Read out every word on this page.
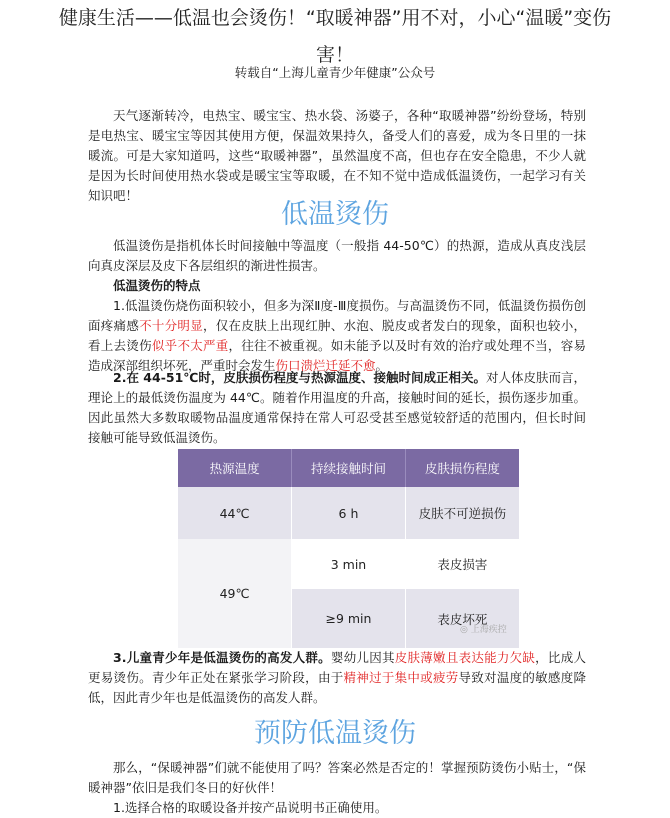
健康生活——低温也会烫伤！“取暖神器”用不对，小心“温暖”变伤害！
转载自“上海儿童青少年健康”公众号

天气逐渐转冷，电热宝、暖宝宝、热水袋、汤婆子，各种“取暖神器”纷纷登场，特别是电热宝、暖宝宝等因其使用方便，保温效果持久，备受人们的喜爱，成为冬日里的一抹暖流。可是大家知道吗，这些“取暖神器”，虽然温度不高，但也存在安全隐患，不少人就是因为长时间使用热水袋或是暖宝宝等取暖，在不知不觉中造成低温烫伤，一起学习有关知识吧！

低温烫伤

低温烫伤是指机体长时间接触中等温度（一般指 44-50℃）的热源，造成从真皮浅层向真皮深层及皮下各层组织的渐进性损害。

低温烫伤的特点

1.低温烫伤烧伤面积较小，但多为深Ⅱ度-Ⅲ度损伤。与高温烫伤不同，低温烫伤损伤创面疼痛感不十分明显，仅在皮肤上出现红肿、水泡、脱皮或者发白的现象，面积也较小，看上去烫伤似乎不太严重，往往不被重视。如未能予以及时有效的治疗或处理不当，容易造成深部组织坏死，严重时会发生伤口溃烂迁延不愈。

2.在 44-51℃时，皮肤损伤程度与热源温度、接触时间成正相关。对人体皮肤而言，理论上的最低烫伤温度为 44℃。随着作用温度的升高，接触时间的延长，损伤逐步加重。因此虽然大多数取暖物品温度通常保持在常人可忍受甚至感觉较舒适的范围内，但长时间接触可能导致低温烫伤。

热源温度	持续接触时间	皮肤损伤程度
44℃	6 h	皮肤不可逆损伤
49℃	3 min	表皮损害
	≥9 min	表皮坏死
◎ 上海疾控

3.儿童青少年是低温烫伤的高发人群。婴幼儿因其皮肤薄嫩且表达能力欠缺，比成人更易烫伤。青少年正处在紧张学习阶段，由于精神过于集中或疲劳导致对温度的敏感度降低，因此青少年也是低温烫伤的高发人群。

预防低温烫伤

那么，“保暖神器”们就不能使用了吗？答案必然是否定的！掌握预防烫伤小贴士，“保暖神器”依旧是我们冬日的好伙伴！

1.选择合格的取暖设备并按产品说明书正确使用。
